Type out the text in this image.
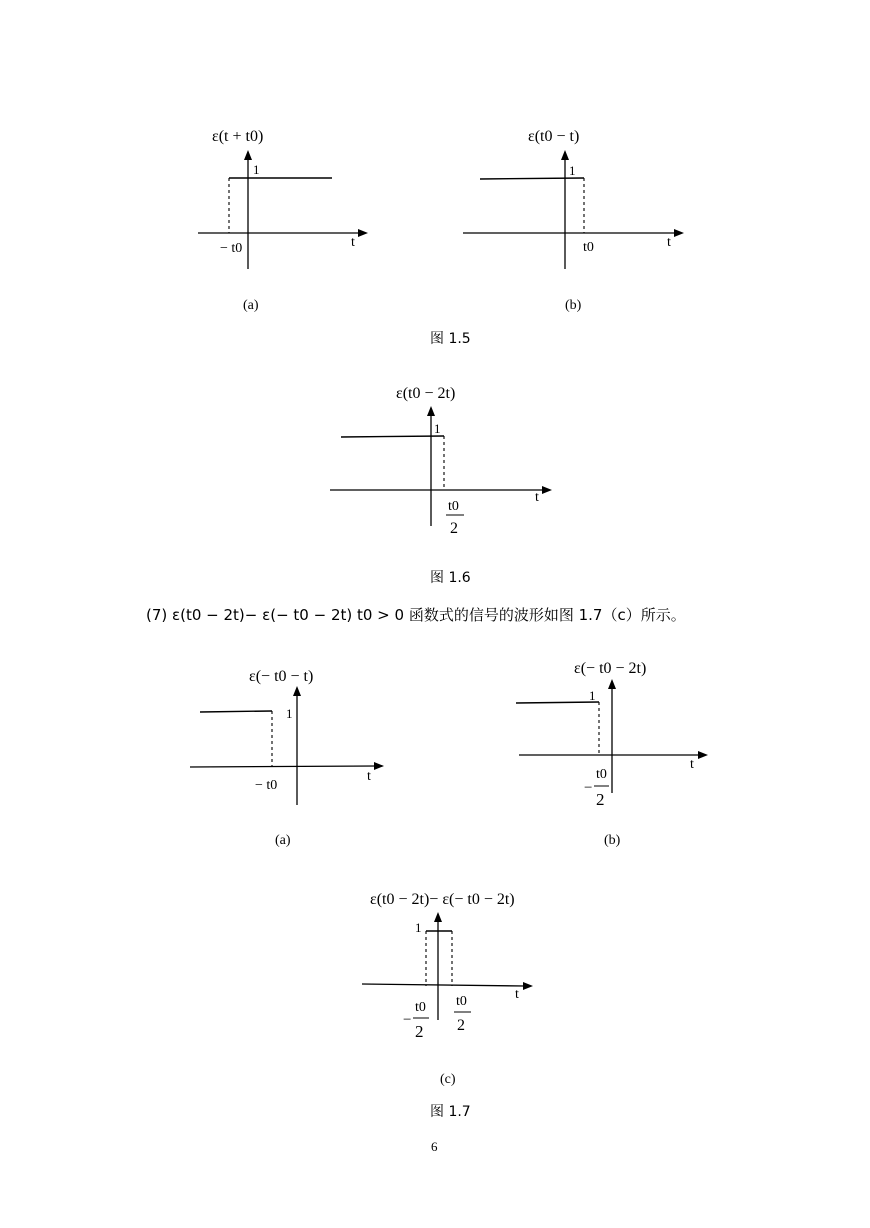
ε(t + t0)
1
t
− t0
(a)
ε(t0 − t)
1
t
t0
(b)
图 1.5
ε(t0 − 2t)
1
t
t0
2
图 1.6
(7) ε(t0 − 2t)− ε(− t0 − 2t) t0 > 0 函数式的信号的波形如图 1.7（c）所示。
ε(− t0 − t)
1
t
− t0
(a)
ε(− t0 − 2t)
1
t
t0
−
2
(b)
ε(t0 − 2t)− ε(− t0 − 2t)
1
t
t0
−
2
t0
2
(c)
图 1.7
6
